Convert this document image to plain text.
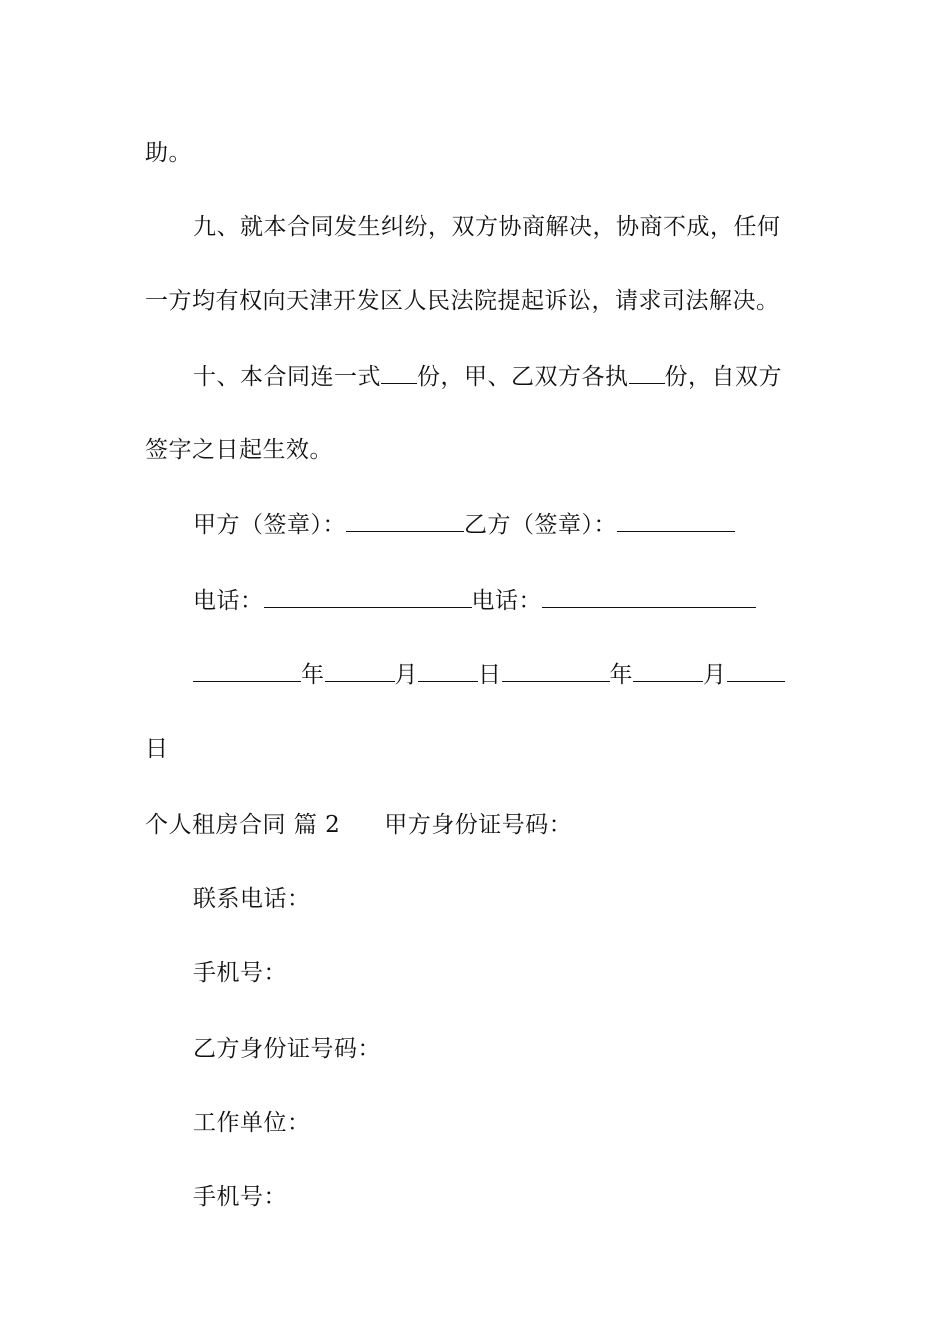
助。
九、就本合同发生纠纷，双方协商解决，协商不成，任何
一方均有权向天津开发区人民法院提起诉讼，请求司法解决。
十、本合同连一式 份，甲、乙双方各执 份，自双方
签字之日起生效。
甲方（签章）：	乙方（签章）：
电话：	电话：
年	月	日	年	月
日
个人租房合同 篇 2 甲方身份证号码：
联系电话：
手机号：
乙方身份证号码：
工作单位：
手机号：
